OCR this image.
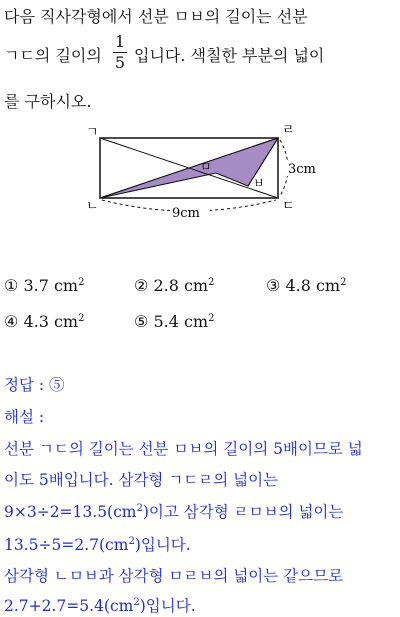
다음 직사각형에서 선분 ㅁㅂ의 길이는 선분
ㄱㄷ의 길이의
1
5 입니다. 색칠한 부분의 넓이
를 구하시오.
ㄱ	ㄹ
ㄴ	ㄷ
ㅁ
ㅂ
3cm
9cm
① 3.7 $cm^2$	② 2.8 $cm^2$	③ 4.8 $cm^2$
④ 4.3 $cm^2$	⑤ 5.4 $cm^2$
정답 : ⑤
해설 :
선분 ㄱㄷ의 길이는 선분 ㅁㅂ의 길이의 5배이므로 넓
이도 5배입니다. 삼각형 ㄱㄷㄹ의 넓이는
$9\times 3\div 2=13.5(cm^2)$이고 삼각형 ㄹㅁㅂ의 넓이는
$13.5\div 5=2.7(cm^2)$입니다.
삼각형 ㄴㅁㅂ과 삼각형 ㅁㄹㅂ의 넓이는 같으므로
$2.7+2.7=5.4(cm^2)$입니다.
